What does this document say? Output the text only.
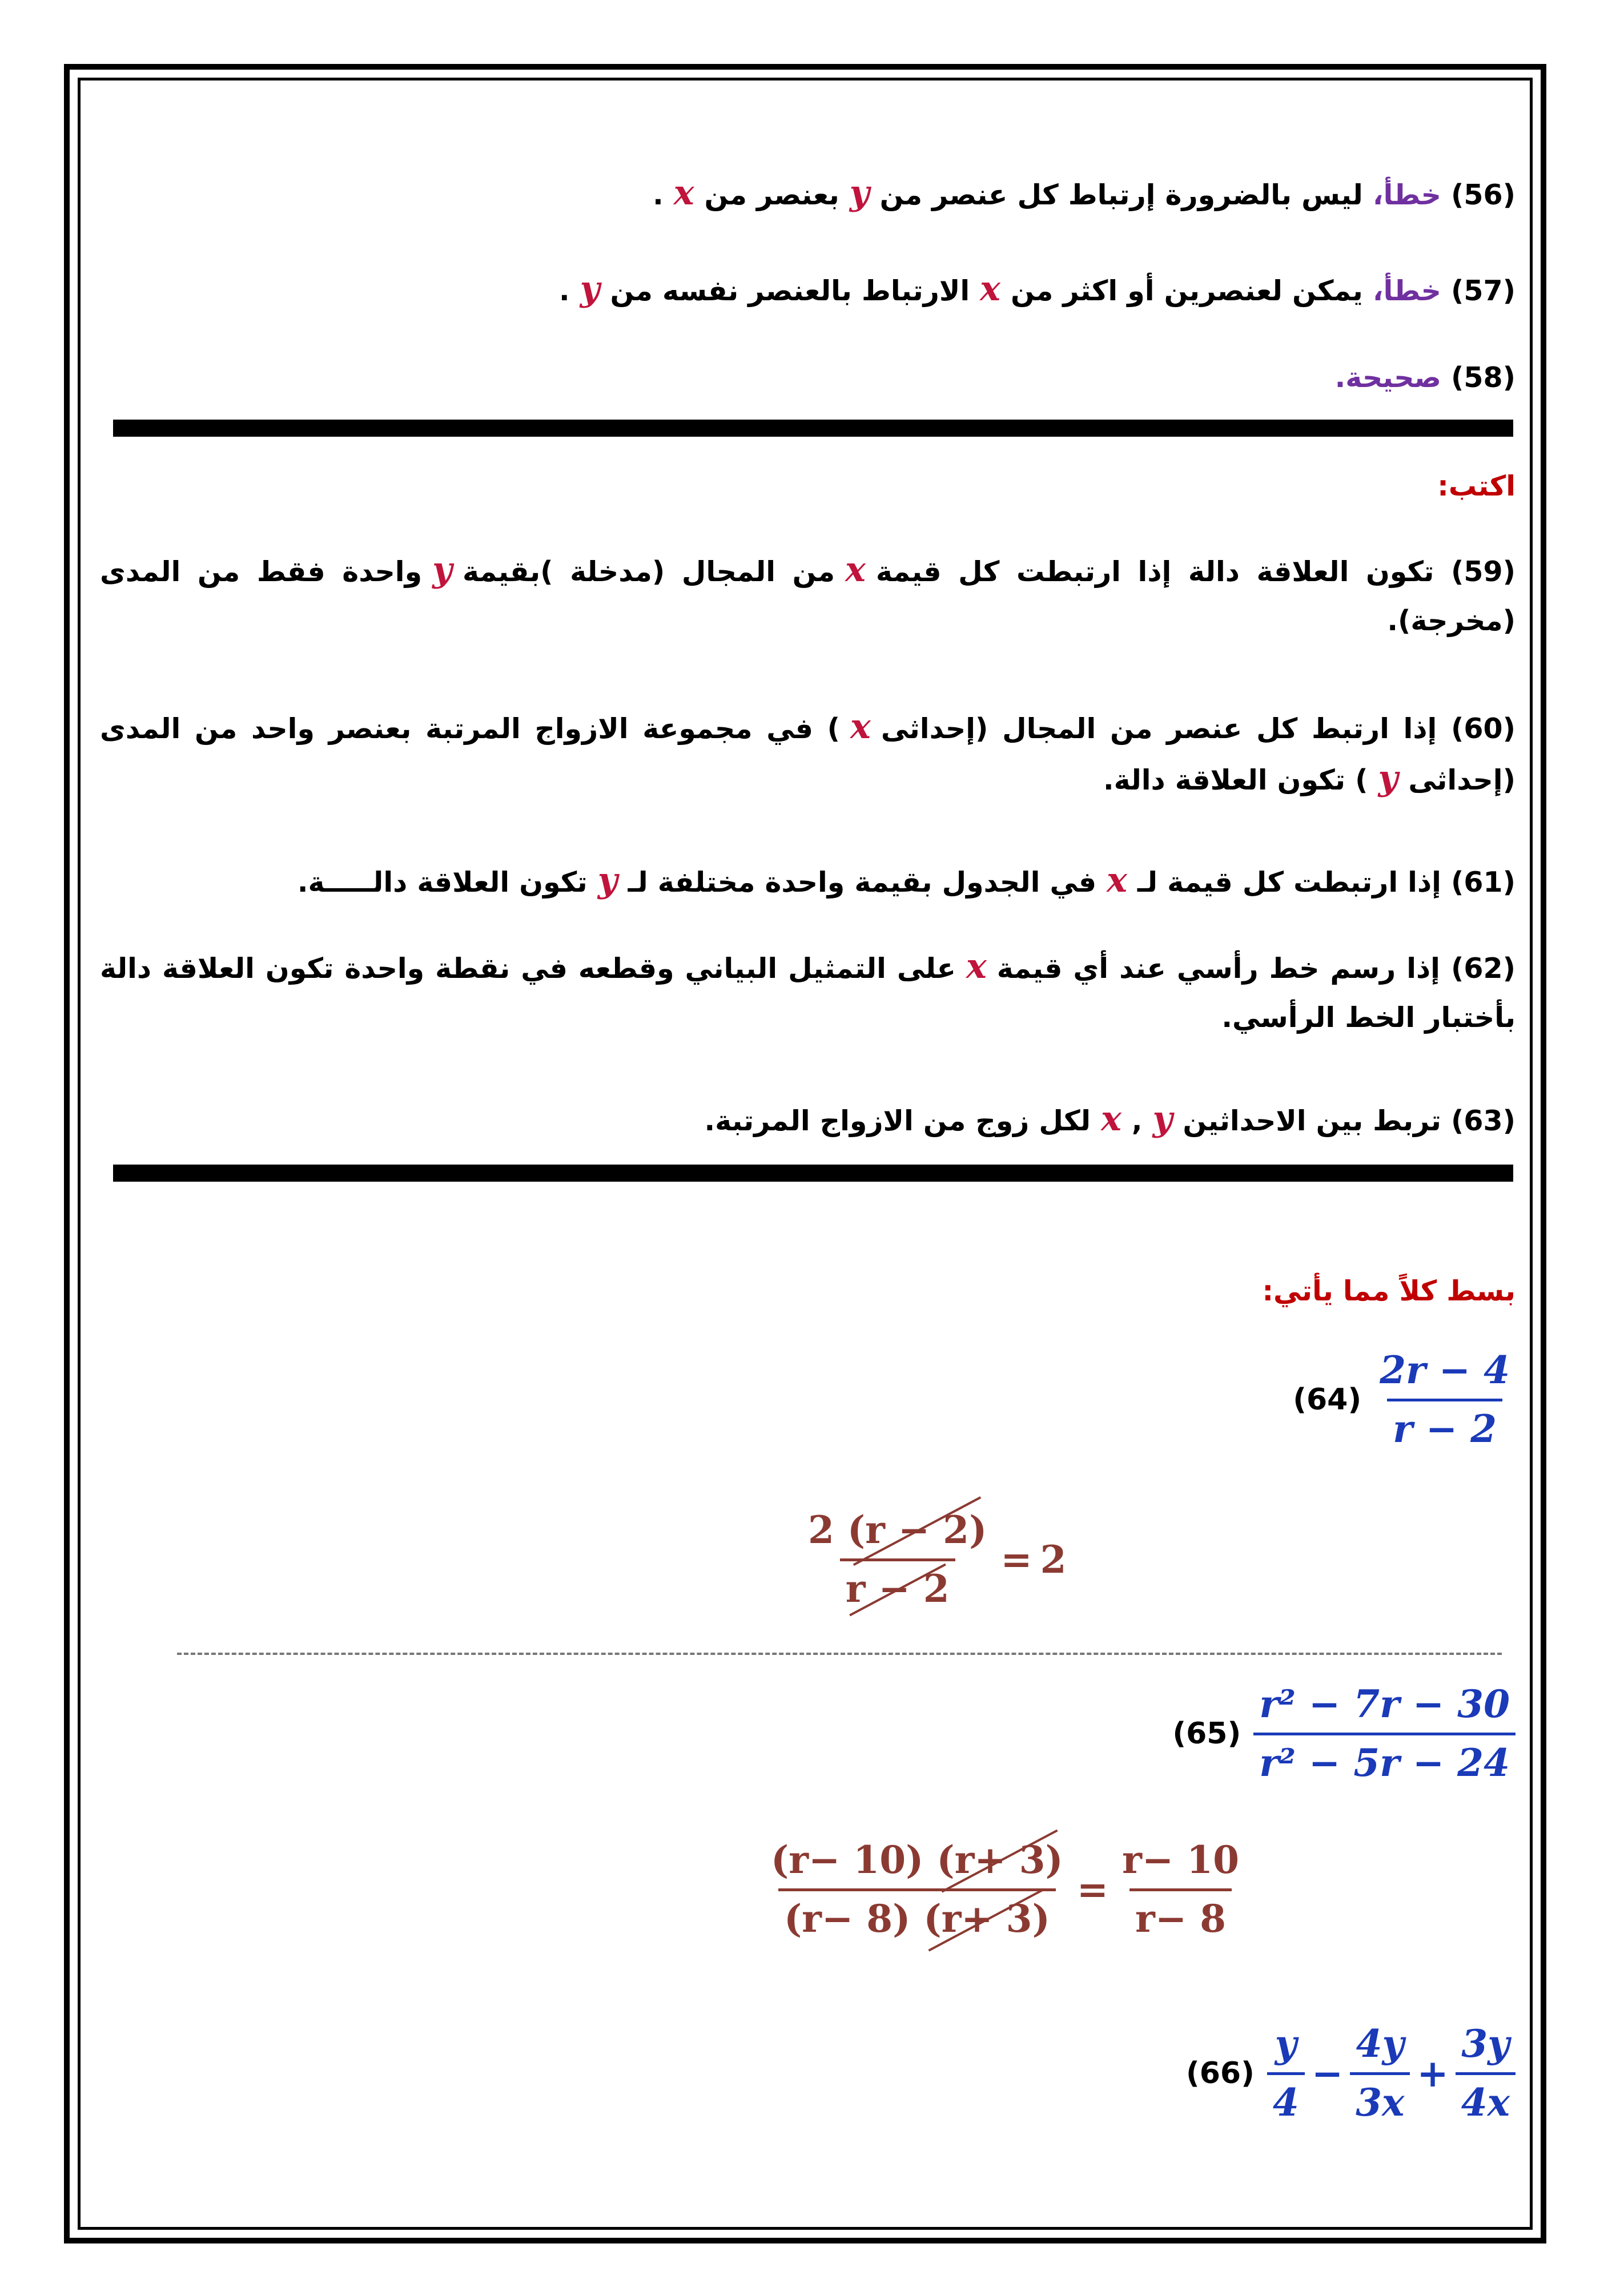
(56) خطأ، ليس بالضرورة إرتباط كل عنصر منyبعنصر منx.
(57) خطأ، يمكن لعنصرين أو اكثر منxالارتباط بالعنصر نفسه منy.
(58) صحيحة.
اكتب:
(59) تكون العلاقة دالة إذا ارتبطت كل قيمةxمن المجال (مدخلة )بقيمةyواحدة فقط من المدى (مخرجة).
(60) إذا ارتبط كل عنصر من المجال (إحداثىx) في مجموعة الازواج المرتبة بعنصر واحد من المدى (إحداثىy) تكون العلاقة دالة.
(61) إذا ارتبطت كل قيمة لـxفي الجدول بقيمة واحدة مختلفة لـyتكون العلاقة دالـــــة.
(62) إذا رسم خط رأسي عند أي قيمةxعلى التمثيل البياني وقطعه في نقطة واحدة تكون العلاقة دالة بأختبار الخط الرأسي.
(63) تربط بين الاحداثينy,xلكل زوج من الازواج المرتبة.
بسط كلاً مما يأتي:
$(64) \frac{2r - 4}{r - 2}$
$\frac{2 (r - 2)}{r - 2} = 2$
$(65) \frac{\text{r² − 7r − 30}}{\text{r² − 5r − 24}}$
$\frac{(r- 10) (r+ 3)}{(r- 8) (r+ 3)} = \frac{r- 10}{r- 8}$
$(66) \frac{y}{4} - \frac{4y}{3x} + \frac{3y}{4x}$
